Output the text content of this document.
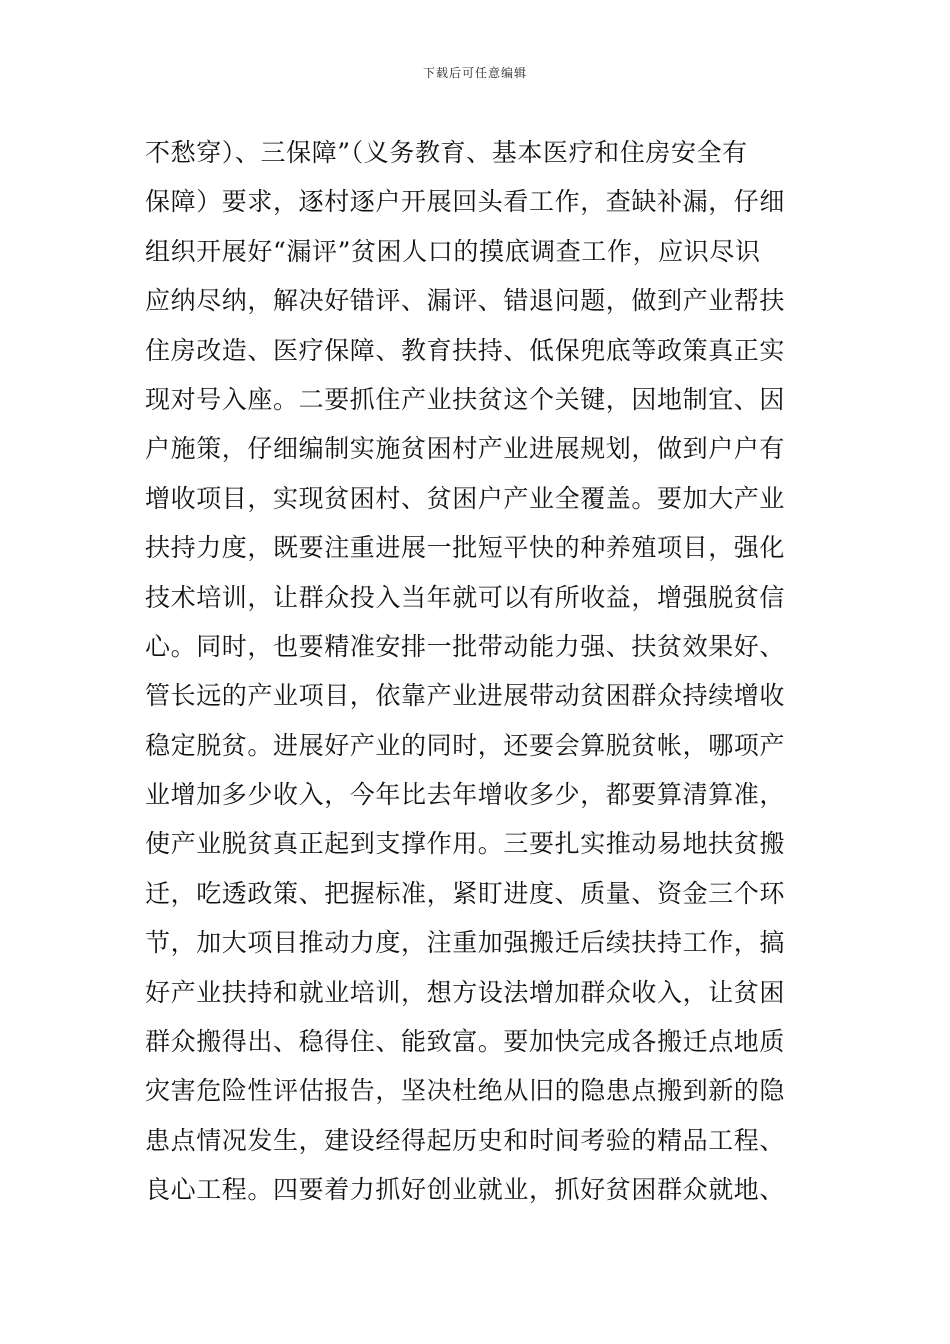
下载后可任意编辑
不愁穿）、三保障”（义务教育、基本医疗和住房安全有
保障）要求，逐村逐户开展回头看工作，查缺补漏，仔细
组织开展好“漏评”贫困人口的摸底调查工作，应识尽识
应纳尽纳，解决好错评、漏评、错退问题，做到产业帮扶
住房改造、医疗保障、教育扶持、低保兜底等政策真正实
现对号入座。二要抓住产业扶贫这个关键，因地制宜、因
户施策，仔细编制实施贫困村产业进展规划，做到户户有
增收项目，实现贫困村、贫困户产业全覆盖。要加大产业
扶持力度，既要注重进展一批短平快的种养殖项目，强化
技术培训，让群众投入当年就可以有所收益，增强脱贫信
心。同时，也要精准安排一批带动能力强、扶贫效果好、
管长远的产业项目，依靠产业进展带动贫困群众持续增收
稳定脱贫。进展好产业的同时，还要会算脱贫帐，哪项产
业增加多少收入，今年比去年增收多少，都要算清算准，
使产业脱贫真正起到支撑作用。三要扎实推动易地扶贫搬
迁，吃透政策、把握标准，紧盯进度、质量、资金三个环
节，加大项目推动力度，注重加强搬迁后续扶持工作，搞
好产业扶持和就业培训，想方设法增加群众收入，让贫困
群众搬得出、稳得住、能致富。要加快完成各搬迁点地质
灾害危险性评估报告，坚决杜绝从旧的隐患点搬到新的隐
患点情况发生，建设经得起历史和时间考验的精品工程、
良心工程。四要着力抓好创业就业，抓好贫困群众就地、
